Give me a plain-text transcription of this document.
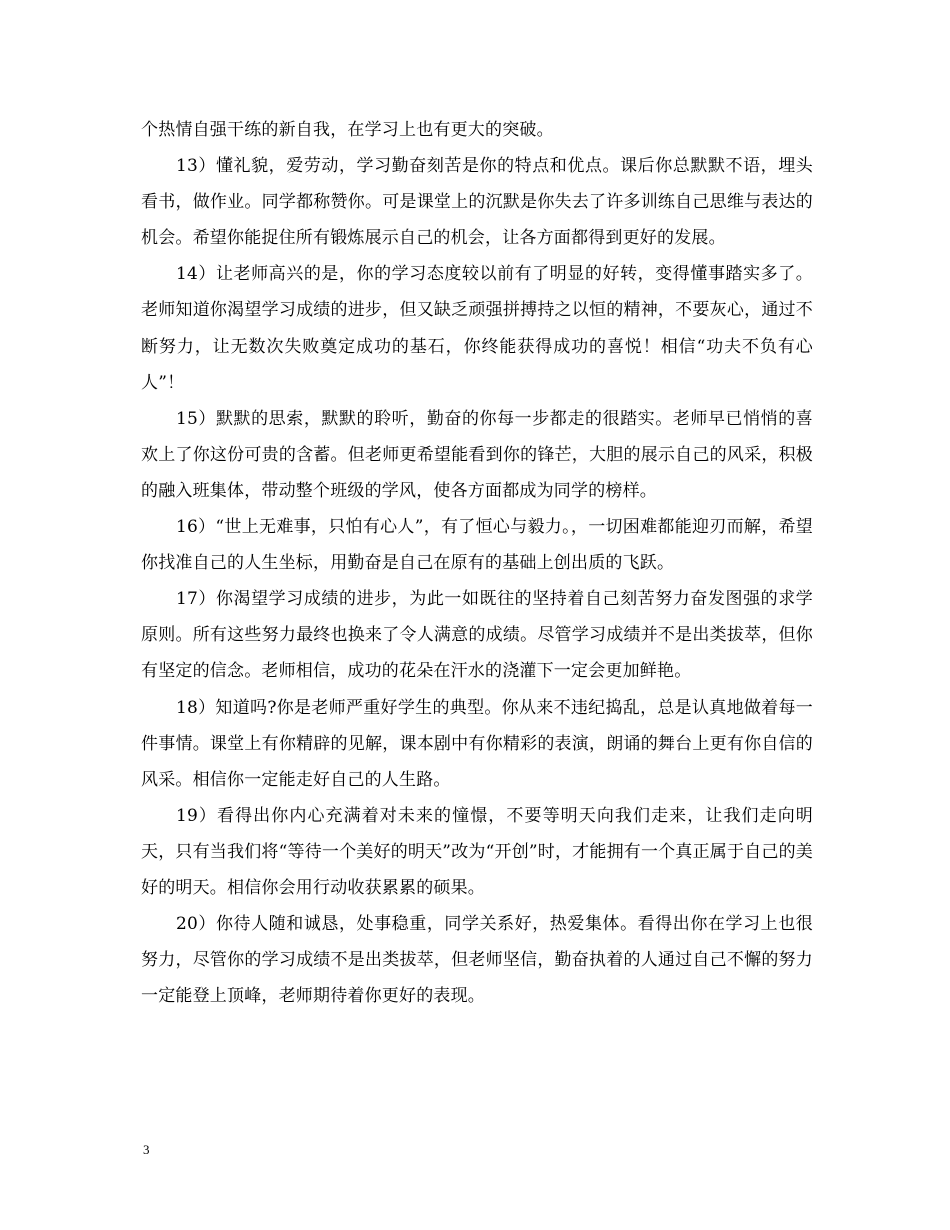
个热情自强干练的新自我，在学习上也有更大的突破。

13）懂礼貌，爱劳动，学习勤奋刻苦是你的特点和优点。课后你总默默不语，埋头看书，做作业。同学都称赞你。可是课堂上的沉默是你失去了许多训练自己思维与表达的机会。希望你能捉住所有锻炼展示自己的机会，让各方面都得到更好的发展。

14）让老师高兴的是，你的学习态度较以前有了明显的好转，变得懂事踏实多了。老师知道你渴望学习成绩的进步，但又缺乏顽强拼搏持之以恒的精神，不要灰心，通过不断努力，让无数次失败奠定成功的基石，你终能获得成功的喜悦！相信“功夫不负有心人”！

15）默默的思索，默默的聆听，勤奋的你每一步都走的很踏实。老师早已悄悄的喜欢上了你这份可贵的含蓄。但老师更希望能看到你的锋芒，大胆的展示自己的风采，积极的融入班集体，带动整个班级的学风，使各方面都成为同学的榜样。

16）“世上无难事，只怕有心人”，有了恒心与毅力。，一切困难都能迎刃而解，希望你找准自己的人生坐标，用勤奋是自己在原有的基础上创出质的飞跃。

17）你渴望学习成绩的进步，为此一如既往的坚持着自己刻苦努力奋发图强的求学原则。所有这些努力最终也换来了令人满意的成绩。尽管学习成绩并不是出类拔萃，但你有坚定的信念。老师相信，成功的花朵在汗水的浇灌下一定会更加鲜艳。

18）知道吗?你是老师严重好学生的典型。你从来不违纪捣乱，总是认真地做着每一件事情。课堂上有你精辟的见解，课本剧中有你精彩的表演，朗诵的舞台上更有你自信的风采。相信你一定能走好自己的人生路。

19）看得出你内心充满着对未来的憧憬，不要等明天向我们走来，让我们走向明天，只有当我们将“等待一个美好的明天”改为“开创”时，才能拥有一个真正属于自己的美好的明天。相信你会用行动收获累累的硕果。

20）你待人随和诚恳，处事稳重，同学关系好，热爱集体。看得出你在学习上也很努力，尽管你的学习成绩不是出类拔萃，但老师坚信，勤奋执着的人通过自己不懈的努力一定能登上顶峰，老师期待着你更好的表现。

3
